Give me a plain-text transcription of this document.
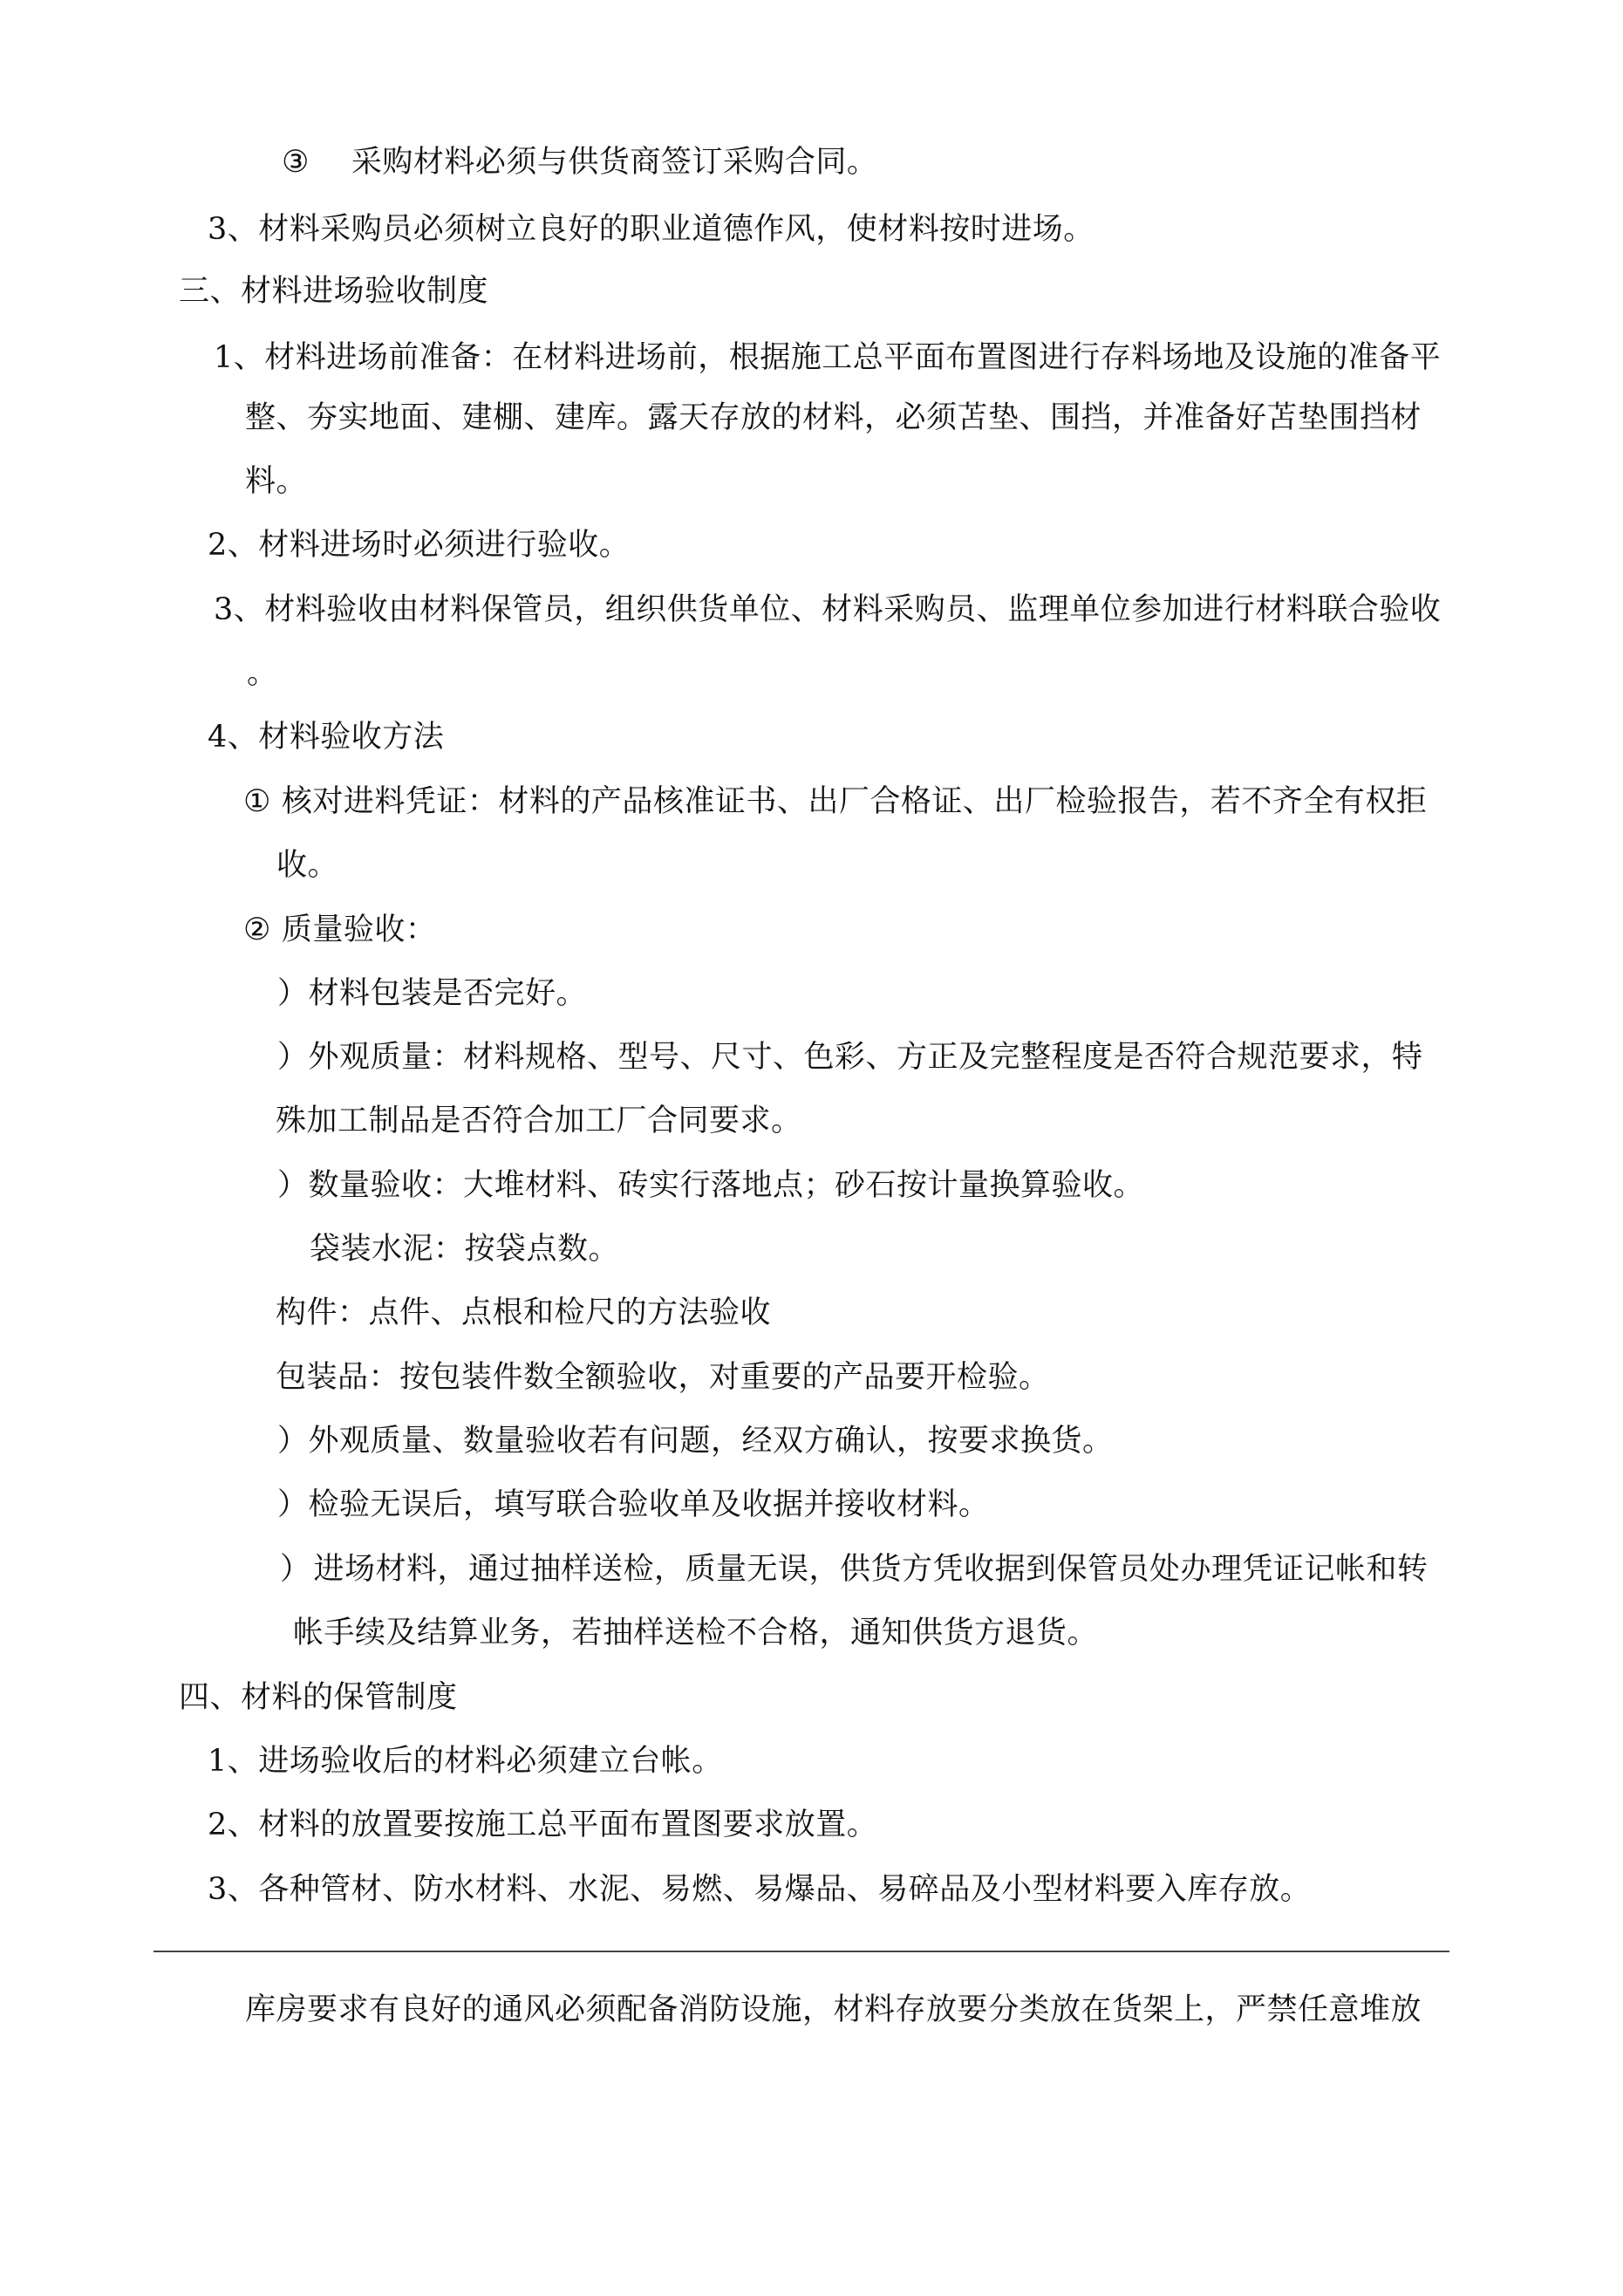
③ 采购材料必须与供货商签订采购合同。
3、材料采购员必须树立良好的职业道德作风，使材料按时进场。
三、材料进场验收制度
1、材料进场前准备：在材料进场前，根据施工总平面布置图进行存料场地及设施的准备平
整、夯实地面、建棚、建库。露天存放的材料，必须苫垫、围挡，并准备好苫垫围挡材
料。
2、材料进场时必须进行验收。
3、材料验收由材料保管员，组织供货单位、材料采购员、监理单位参加进行材料联合验收
。
4、材料验收方法
① 核对进料凭证：材料的产品核准证书、出厂合格证、出厂检验报告，若不齐全有权拒
收。
② 质量验收：
）材料包装是否完好。
）外观质量：材料规格、型号、尺寸、色彩、方正及完整程度是否符合规范要求，特
殊加工制品是否符合加工厂合同要求。
）数量验收：大堆材料、砖实行落地点；砂石按计量换算验收。
袋装水泥：按袋点数。
构件：点件、点根和检尺的方法验收
包装品：按包装件数全额验收，对重要的产品要开检验。
）外观质量、数量验收若有问题，经双方确认，按要求换货。
）检验无误后，填写联合验收单及收据并接收材料。
）进场材料，通过抽样送检，质量无误，供货方凭收据到保管员处办理凭证记帐和转
帐手续及结算业务，若抽样送检不合格，通知供货方退货。
四、材料的保管制度
1、进场验收后的材料必须建立台帐。
2、材料的放置要按施工总平面布置图要求放置。
3、各种管材、防水材料、水泥、易燃、易爆品、易碎品及小型材料要入库存放。
库房要求有良好的通风必须配备消防设施，材料存放要分类放在货架上，严禁任意堆放
